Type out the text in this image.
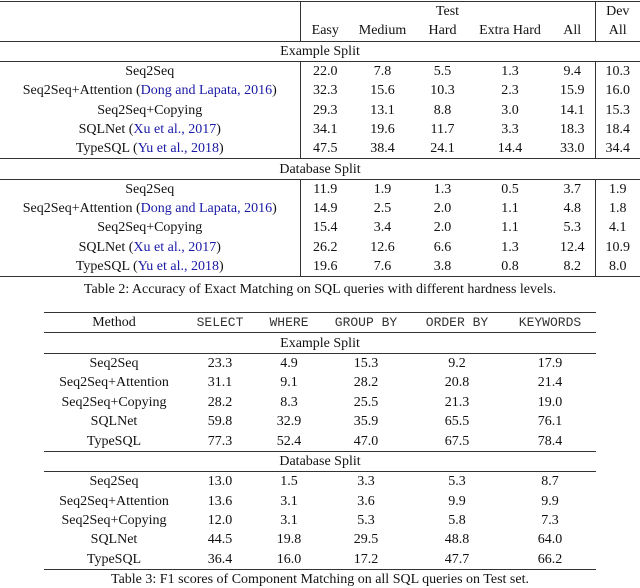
	Test					Dev
	Easy	Medium	Hard	Extra Hard	All	All
Example Split						
Seq2Seq	22.0	7.8	5.5	1.3	9.4	10.3
Seq2Seq+Attention (Dong and Lapata, 2016)	32.3	15.6	10.3	2.3	15.9	16.0
Seq2Seq+Copying	29.3	13.1	8.8	3.0	14.1	15.3
SQLNet (Xu et al., 2017)	34.1	19.6	11.7	3.3	18.3	18.4
TypeSQL (Yu et al., 2018)	47.5	38.4	24.1	14.4	33.0	34.4
Database Split						
Seq2Seq	11.9	1.9	1.3	0.5	3.7	1.9
Seq2Seq+Attention (Dong and Lapata, 2016)	14.9	2.5	2.0	1.1	4.8	1.8
Seq2Seq+Copying	15.4	3.4	2.0	1.1	5.3	4.1
SQLNet (Xu et al., 2017)	26.2	12.6	6.6	1.3	12.4	10.9
TypeSQL (Yu et al., 2018)	19.6	7.6	3.8	0.8	8.2	8.0
Table 2: Accuracy of Exact Matching on SQL queries with different hardness levels.
Method	SELECT	WHERE	GROUP BY	ORDER BY	KEYWORDS
Example Split					
Seq2Seq	23.3	4.9	15.3	9.2	17.9
Seq2Seq+Attention	31.1	9.1	28.2	20.8	21.4
Seq2Seq+Copying	28.2	8.3	25.5	21.3	19.0
SQLNet	59.8	32.9	35.9	65.5	76.1
TypeSQL	77.3	52.4	47.0	67.5	78.4
Database Split					
Seq2Seq	13.0	1.5	3.3	5.3	8.7
Seq2Seq+Attention	13.6	3.1	3.6	9.9	9.9
Seq2Seq+Copying	12.0	3.1	5.3	5.8	7.3
SQLNet	44.5	19.8	29.5	48.8	64.0
TypeSQL	36.4	16.0	17.2	47.7	66.2
Table 3: F1 scores of Component Matching on all SQL queries on Test set.
